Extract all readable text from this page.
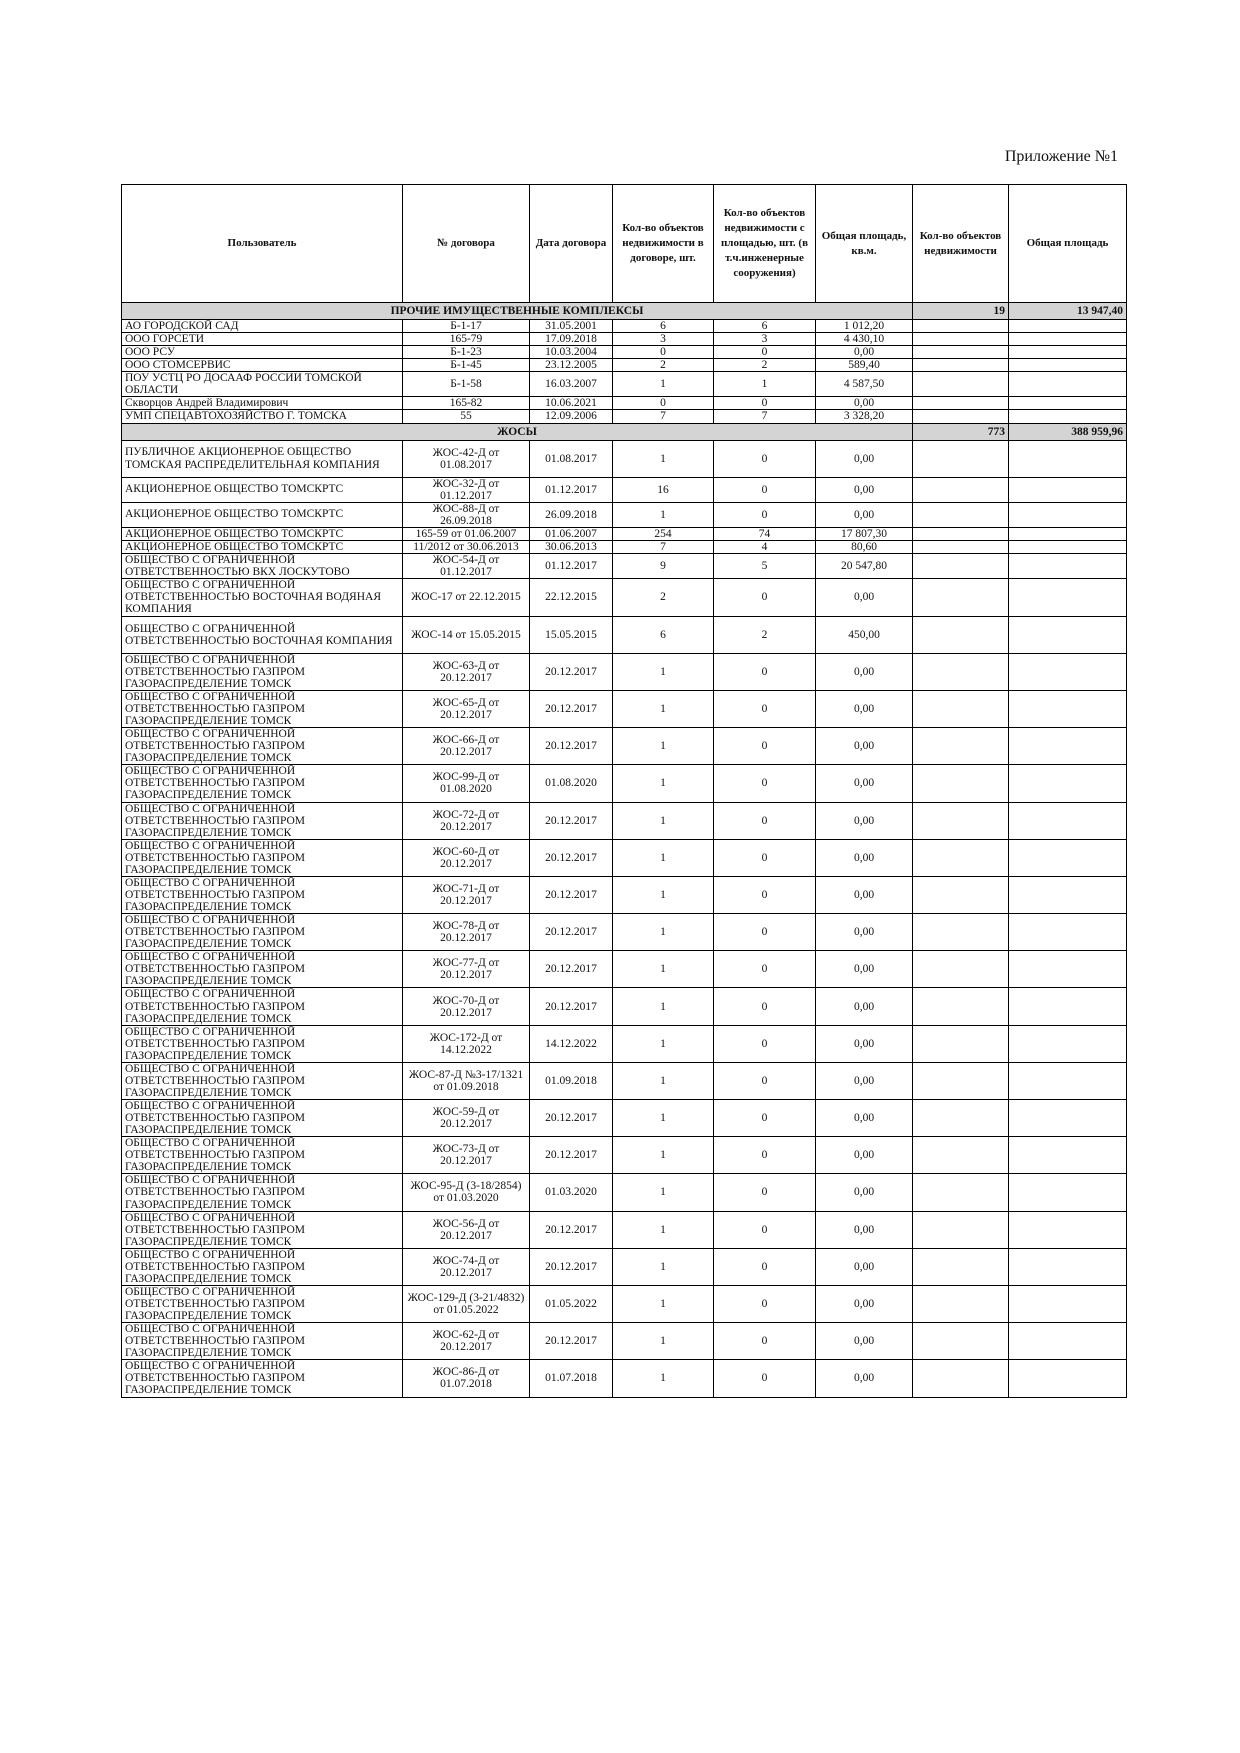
Приложение №1
Пользователь	№ договора	Дата договора	Кол-во объектов недвижимости в договоре, шт.	Кол-во объектов недвижимости с площадью, шт. (в т.ч.инженерные сооружения)	Общая площадь, кв.м.	Кол-во объектов недвижимости	Общая площадь
ПРОЧИЕ ИМУЩЕСТВЕННЫЕ КОМПЛЕКСЫ						19	13 947,40
АО ГОРОДСКОЙ САД	Б-1-17	31.05.2001	6	6	1 012,20		
ООО ГОРСЕТИ	165-79	17.09.2018	3	3	4 430,10		
ООО РСУ	Б-1-23	10.03.2004	0	0	0,00		
ООО СТОМСЕРВИС	Б-1-45	23.12.2005	2	2	589,40		
ПОУ УСТЦ РО ДОСААФ РОССИИ ТОМСКОЙ ОБЛАСТИ	Б-1-58	16.03.2007	1	1	4 587,50		
Скворцов Андрей Владимирович	165-82	10.06.2021	0	0	0,00		
УМП СПЕЦАВТОХОЗЯЙСТВО Г. ТОМСКА	55	12.09.2006	7	7	3 328,20		
ЖОСЫ						773	388 959,96
ПУБЛИЧНОЕ АКЦИОНЕРНОЕ ОБЩЕСТВО ТОМСКАЯ РАСПРЕДЕЛИТЕЛЬНАЯ КОМПАНИЯ	ЖОС-42-Д от 01.08.2017	01.08.2017	1	0	0,00		
АКЦИОНЕРНОЕ ОБЩЕСТВО ТОМСКРТС	ЖОС-32-Д от 01.12.2017	01.12.2017	16	0	0,00		
АКЦИОНЕРНОЕ ОБЩЕСТВО ТОМСКРТС	ЖОС-88-Д от 26.09.2018	26.09.2018	1	0	0,00		
АКЦИОНЕРНОЕ ОБЩЕСТВО ТОМСКРТС	165-59 от 01.06.2007	01.06.2007	254	74	17 807,30		
АКЦИОНЕРНОЕ ОБЩЕСТВО ТОМСКРТС	11/2012 от 30.06.2013	30.06.2013	7	4	80,60		
ОБЩЕСТВО С ОГРАНИЧЕННОЙ ОТВЕТСТВЕННОСТЬЮ ВКХ ЛОСКУТОВО	ЖОС-54-Д от 01.12.2017	01.12.2017	9	5	20 547,80		
ОБЩЕСТВО С ОГРАНИЧЕННОЙ ОТВЕТСТВЕННОСТЬЮ ВОСТОЧНАЯ ВОДЯНАЯ КОМПАНИЯ	ЖОС-17 от 22.12.2015	22.12.2015	2	0	0,00		
ОБЩЕСТВО С ОГРАНИЧЕННОЙ ОТВЕТСТВЕННОСТЬЮ ВОСТОЧНАЯ КОМПАНИЯ	ЖОС-14 от 15.05.2015	15.05.2015	6	2	450,00		
ОБЩЕСТВО С ОГРАНИЧЕННОЙ ОТВЕТСТВЕННОСТЬЮ ГАЗПРОМ ГАЗОРАСПРЕДЕЛЕНИЕ ТОМСК	ЖОС-63-Д от 20.12.2017	20.12.2017	1	0	0,00		
ОБЩЕСТВО С ОГРАНИЧЕННОЙ ОТВЕТСТВЕННОСТЬЮ ГАЗПРОМ ГАЗОРАСПРЕДЕЛЕНИЕ ТОМСК	ЖОС-65-Д от 20.12.2017	20.12.2017	1	0	0,00		
ОБЩЕСТВО С ОГРАНИЧЕННОЙ ОТВЕТСТВЕННОСТЬЮ ГАЗПРОМ ГАЗОРАСПРЕДЕЛЕНИЕ ТОМСК	ЖОС-66-Д от 20.12.2017	20.12.2017	1	0	0,00		
ОБЩЕСТВО С ОГРАНИЧЕННОЙ ОТВЕТСТВЕННОСТЬЮ ГАЗПРОМ ГАЗОРАСПРЕДЕЛЕНИЕ ТОМСК	ЖОС-99-Д от 01.08.2020	01.08.2020	1	0	0,00		
ОБЩЕСТВО С ОГРАНИЧЕННОЙ ОТВЕТСТВЕННОСТЬЮ ГАЗПРОМ ГАЗОРАСПРЕДЕЛЕНИЕ ТОМСК	ЖОС-72-Д от 20.12.2017	20.12.2017	1	0	0,00		
ОБЩЕСТВО С ОГРАНИЧЕННОЙ ОТВЕТСТВЕННОСТЬЮ ГАЗПРОМ ГАЗОРАСПРЕДЕЛЕНИЕ ТОМСК	ЖОС-60-Д от 20.12.2017	20.12.2017	1	0	0,00		
ОБЩЕСТВО С ОГРАНИЧЕННОЙ ОТВЕТСТВЕННОСТЬЮ ГАЗПРОМ ГАЗОРАСПРЕДЕЛЕНИЕ ТОМСК	ЖОС-71-Д от 20.12.2017	20.12.2017	1	0	0,00		
ОБЩЕСТВО С ОГРАНИЧЕННОЙ ОТВЕТСТВЕННОСТЬЮ ГАЗПРОМ ГАЗОРАСПРЕДЕЛЕНИЕ ТОМСК	ЖОС-78-Д от 20.12.2017	20.12.2017	1	0	0,00		
ОБЩЕСТВО С ОГРАНИЧЕННОЙ ОТВЕТСТВЕННОСТЬЮ ГАЗПРОМ ГАЗОРАСПРЕДЕЛЕНИЕ ТОМСК	ЖОС-77-Д от 20.12.2017	20.12.2017	1	0	0,00		
ОБЩЕСТВО С ОГРАНИЧЕННОЙ ОТВЕТСТВЕННОСТЬЮ ГАЗПРОМ ГАЗОРАСПРЕДЕЛЕНИЕ ТОМСК	ЖОС-70-Д от 20.12.2017	20.12.2017	1	0	0,00		
ОБЩЕСТВО С ОГРАНИЧЕННОЙ ОТВЕТСТВЕННОСТЬЮ ГАЗПРОМ ГАЗОРАСПРЕДЕЛЕНИЕ ТОМСК	ЖОС-172-Д от 14.12.2022	14.12.2022	1	0	0,00		
ОБЩЕСТВО С ОГРАНИЧЕННОЙ ОТВЕТСТВЕННОСТЬЮ ГАЗПРОМ ГАЗОРАСПРЕДЕЛЕНИЕ ТОМСК	ЖОС-87-Д №3-17/1321 от 01.09.2018	01.09.2018	1	0	0,00		
ОБЩЕСТВО С ОГРАНИЧЕННОЙ ОТВЕТСТВЕННОСТЬЮ ГАЗПРОМ ГАЗОРАСПРЕДЕЛЕНИЕ ТОМСК	ЖОС-59-Д от 20.12.2017	20.12.2017	1	0	0,00		
ОБЩЕСТВО С ОГРАНИЧЕННОЙ ОТВЕТСТВЕННОСТЬЮ ГАЗПРОМ ГАЗОРАСПРЕДЕЛЕНИЕ ТОМСК	ЖОС-73-Д от 20.12.2017	20.12.2017	1	0	0,00		
ОБЩЕСТВО С ОГРАНИЧЕННОЙ ОТВЕТСТВЕННОСТЬЮ ГАЗПРОМ ГАЗОРАСПРЕДЕЛЕНИЕ ТОМСК	ЖОС-95-Д (3-18/2854) от 01.03.2020	01.03.2020	1	0	0,00		
ОБЩЕСТВО С ОГРАНИЧЕННОЙ ОТВЕТСТВЕННОСТЬЮ ГАЗПРОМ ГАЗОРАСПРЕДЕЛЕНИЕ ТОМСК	ЖОС-56-Д от 20.12.2017	20.12.2017	1	0	0,00		
ОБЩЕСТВО С ОГРАНИЧЕННОЙ ОТВЕТСТВЕННОСТЬЮ ГАЗПРОМ ГАЗОРАСПРЕДЕЛЕНИЕ ТОМСК	ЖОС-74-Д от 20.12.2017	20.12.2017	1	0	0,00		
ОБЩЕСТВО С ОГРАНИЧЕННОЙ ОТВЕТСТВЕННОСТЬЮ ГАЗПРОМ ГАЗОРАСПРЕДЕЛЕНИЕ ТОМСК	ЖОС-129-Д (3-21/4832) от 01.05.2022	01.05.2022	1	0	0,00		
ОБЩЕСТВО С ОГРАНИЧЕННОЙ ОТВЕТСТВЕННОСТЬЮ ГАЗПРОМ ГАЗОРАСПРЕДЕЛЕНИЕ ТОМСК	ЖОС-62-Д от 20.12.2017	20.12.2017	1	0	0,00		
ОБЩЕСТВО С ОГРАНИЧЕННОЙ ОТВЕТСТВЕННОСТЬЮ ГАЗПРОМ ГАЗОРАСПРЕДЕЛЕНИЕ ТОМСК	ЖОС-86-Д от 01.07.2018	01.07.2018	1	0	0,00		
